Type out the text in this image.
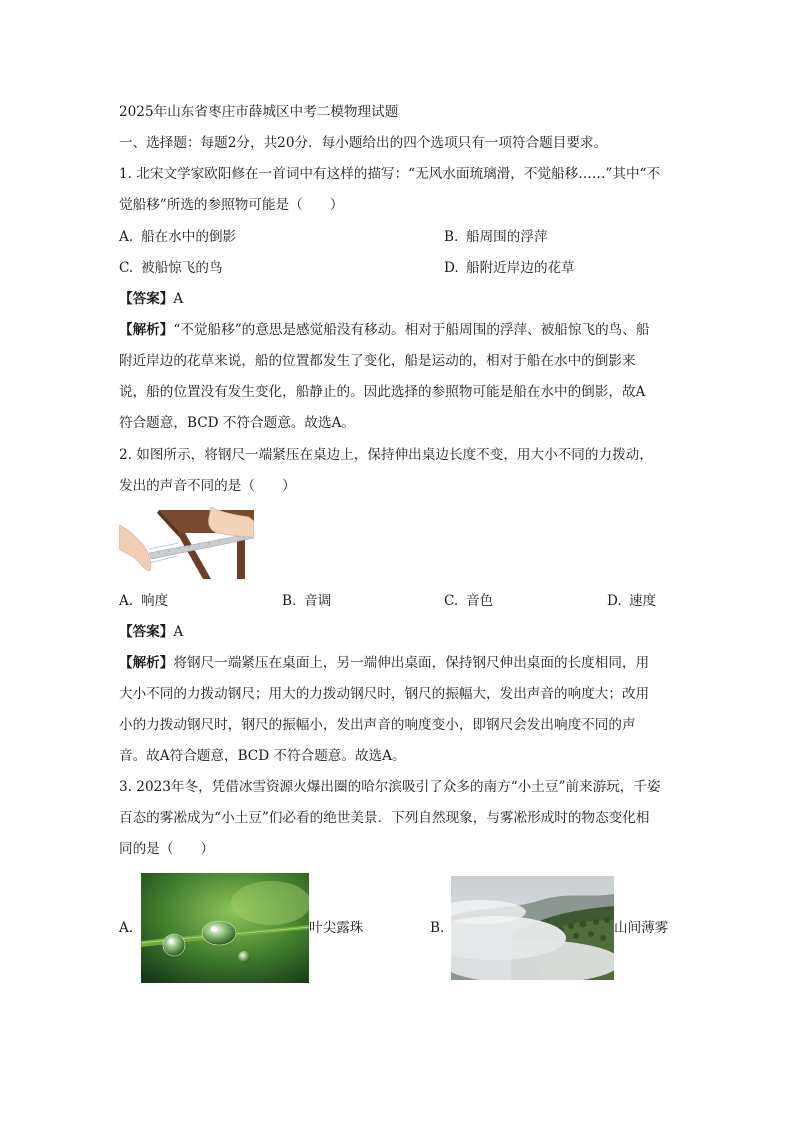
2025年山东省枣庄市薛城区中考二模物理试题
一、选择题：每题2分，共20分．每小题给出的四个选项只有一项符合题目要求。
1. 北宋文学家欧阳修在一首词中有这样的描写：“无风水面琉璃滑，不觉船移……”其中“不
觉船移”所选的参照物可能是（　　）
A. 船在水中的倒影	B. 船周围的浮萍
C. 被船惊飞的鸟	D. 船附近岸边的花草
【答案】A
【解析】“不觉船移”的意思是感觉船没有移动。相对于船周围的浮萍、被船惊飞的鸟、船
附近岸边的花草来说，船的位置都发生了变化，船是运动的，相对于船在水中的倒影来
说，船的位置没有发生变化，船静止的。因此选择的参照物可能是船在水中的倒影，故A
符合题意，BCD 不符合题意。故选A。
2. 如图所示，将钢尺一端紧压在桌边上，保持伸出桌边长度不变，用大小不同的力拨动，
发出的声音不同的是（　　）
A. 响度	B. 音调	C. 音色	D. 速度
【答案】A
【解析】将钢尺一端紧压在桌面上，另一端伸出桌面，保持钢尺伸出桌面的长度相同，用
大小不同的力拨动钢尺；用大的力拨动钢尺时，钢尺的振幅大，发出声音的响度大；改用
小的力拨动钢尺时，钢尺的振幅小，发出声音的响度变小，即钢尺会发出响度不同的声
音。故A符合题意，BCD 不符合题意。故选A。
3. 2023年冬，凭借冰雪资源火爆出圈的哈尔滨吸引了众多的南方“小土豆”前来游玩，千姿
百态的雾凇成为“小土豆”们必看的绝世美景．下列自然现象，与雾凇形成时的物态变化相
同的是（　　）
A.	叶尖露珠	B.	山间薄雾
